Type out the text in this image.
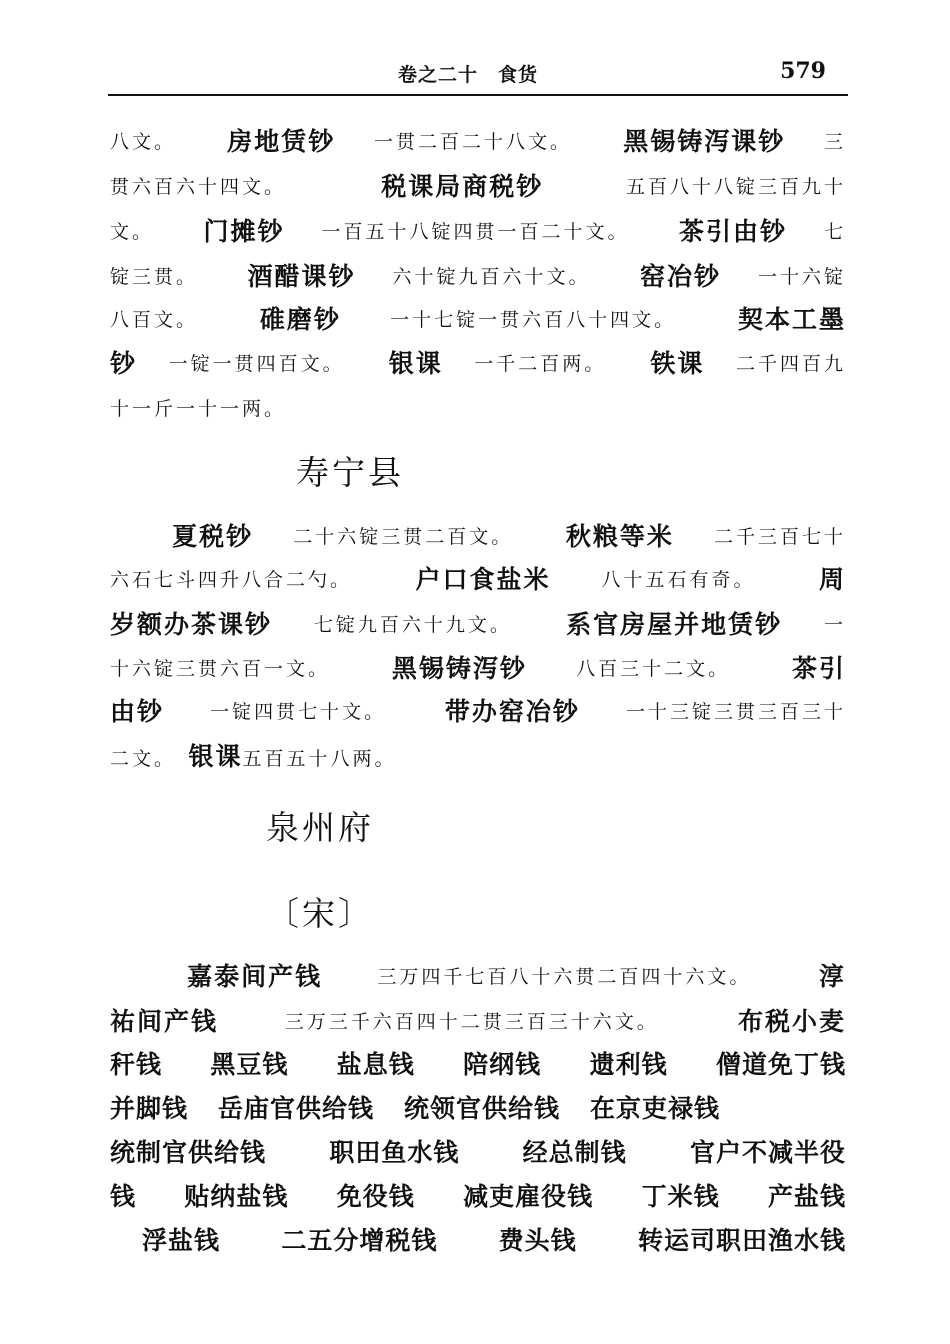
卷之二十　食货	579
八文。　 房地赁钞 一贯二百二十八文。　 黑锡铸泻课钞 三
贯六百六十四文。　	税课局商税钞	五百八十八锭三百九十
文。　 门摊钞 一百五十八锭四贯一百二十文。　 茶引由钞 七
锭三贯。　 酒醋课钞 六十锭九百六十文。　 窑冶钞 一十六锭
八百文。　 碓磨钞	一十七锭一贯六百八十四文。　 契本工墨
钞 一锭一贯四百文。　 银课 一千二百两。　 铁课 二千四百九
十一斤一十一两。
寿宁县

夏税钞 二十六锭三贯二百文。　 秋粮等米 二千三百七十
六石七斗四升八合二勺。　 户口食盐米	八十五石有奇。　 周
岁额办茶课钞 七锭九百六十九文。　 系官房屋并地赁钞 一
十六锭三贯六百一文。　 黑锡铸泻钞	八百三十二文。　 茶引
由钞 一锭四贯七十文。　 带办窑冶钞 一十三锭三贯三百三十
二文。　银课五百五十八两。
泉州府
〔宋〕

嘉泰间产钱	三万四千七百八十六贯二百四十六文。　 淳
祐间产钱	三万三千六百四十二贯三百三十六文。　	布税小麦
秆钱 黑豆钱 盐息钱 陪纲钱 遗利钱 僧道免丁钱
并脚钱 岳庙官供给钱 统领官供给钱 在京吏禄钱
统制官供给钱	职田鱼水钱	经总制钱	官户不减半役
钱 贴纳盐钱 免役钱 减吏雇役钱 丁米钱 产盐钱
浮盐钱 二五分增税钱 费头钱 转运司职田渔水钱
